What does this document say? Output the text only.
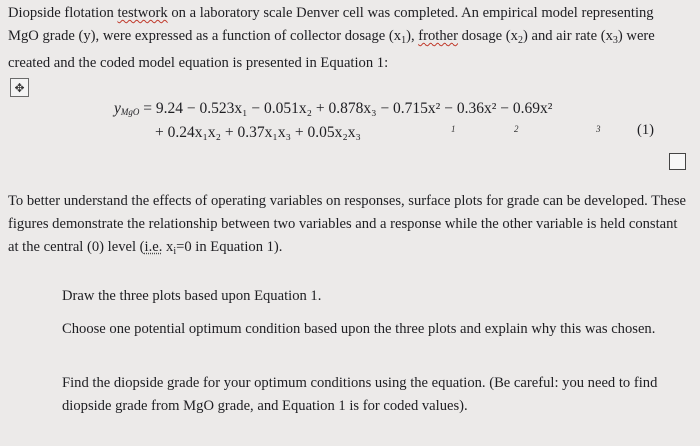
Diopside flotation testwork on a laboratory scale Denver cell was completed. An empirical model representing MgO grade (y), were expressed as a function of collector dosage $(x_1)$, frother dosage $(x_2)$ and air rate $(x_3)$ were created and the coded model equation is presented in Equation 1:
✥
yMgO = 9.24 − 0.523x₁ − 0.051x₂ + 0.878x₃ − 0.715x² − 0.36x² − 0.69x²
+ 0.24x₁x₂ + 0.37x₁x₃ + 0.05x₂x₃	1	2	3	(1)
To better understand the effects of operating variables on responses, surface plots for grade can be developed. These figures demonstrate the relationship between two variables and a response while the other variable is held constant at the central (0) level (i.e. $x_i=0$ in Equation 1).
Draw the three plots based upon Equation 1.
Choose one potential optimum condition based upon the three plots and explain why this was chosen.
Find the diopside grade for your optimum conditions using the equation. (Be careful: you need to find diopside grade from MgO grade, and Equation 1 is for coded values).
